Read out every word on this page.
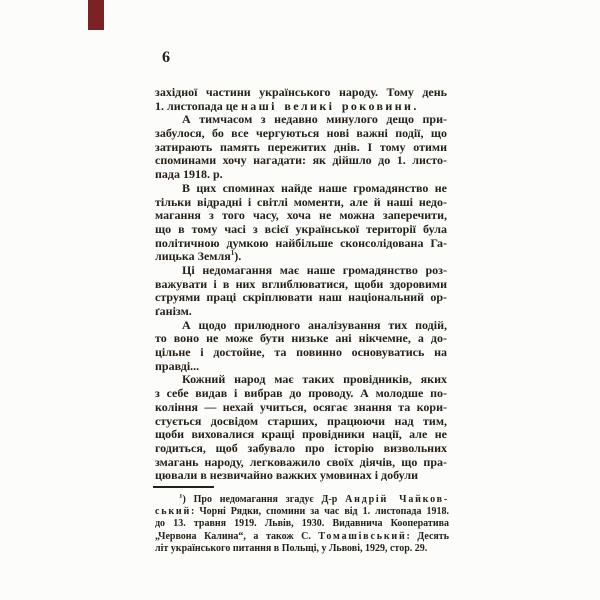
6
західної частини українського народу. Тому день
1. листопада це наші великі роковини.
А тимчасом з недавно минулого дещо при-
забулося, бо все чергуються нові важні події, що
затирають память пережитих днів. І тому отими
споминами хочу нагадати: як дійшло до 1. листо-
пада 1918. р.
В цих споминах найде наше громадянство не
тільки відрадні і світлі моменти, але й наші недо-
магання з того часу, хоча не можна заперечити,
що в тому часі з всієї української території була
політичною думкою найбільше сконсолідована Га-
лицька Земля$^1$).
Ці недомагання має наше громадянство роз-
важувати і в них вглиблюватися, щоби здоровими
струями праці скріплювати наш національний ор-
ґанізм.
А щодо прилюдного аналізування тих подій,
то воно не може бути низьке ані нікчемне, а до-
цільне і достойне, та повинно основуватись на
правді...
Кожний народ має таких провідників, яких
з себе видав і вибрав до проводу. А молодше по-
коління — нехай учиться, осягає знання та кори-
стується досвідом старших, працюючи над тим,
щоби виховалися кращі провідники нації, але не
годиться, щоб забувало про історію визвольних
змагань народу, легковажило своїх діячів, що пра-
цювали в незвичайно важких умовинах і добули
$^1$) Про недомагання згадує Д-р Андрій Чайков-
ський: Чорні Рядки, спомини за час від 1. листопада 1918.
до 13. травня 1919. Львів, 1930. Видавнича Кооператива
„Червона Калина“, а також С. Томашівський: Десять
літ українського питання в Польщі, у Львові, 1929, стор. 29.
